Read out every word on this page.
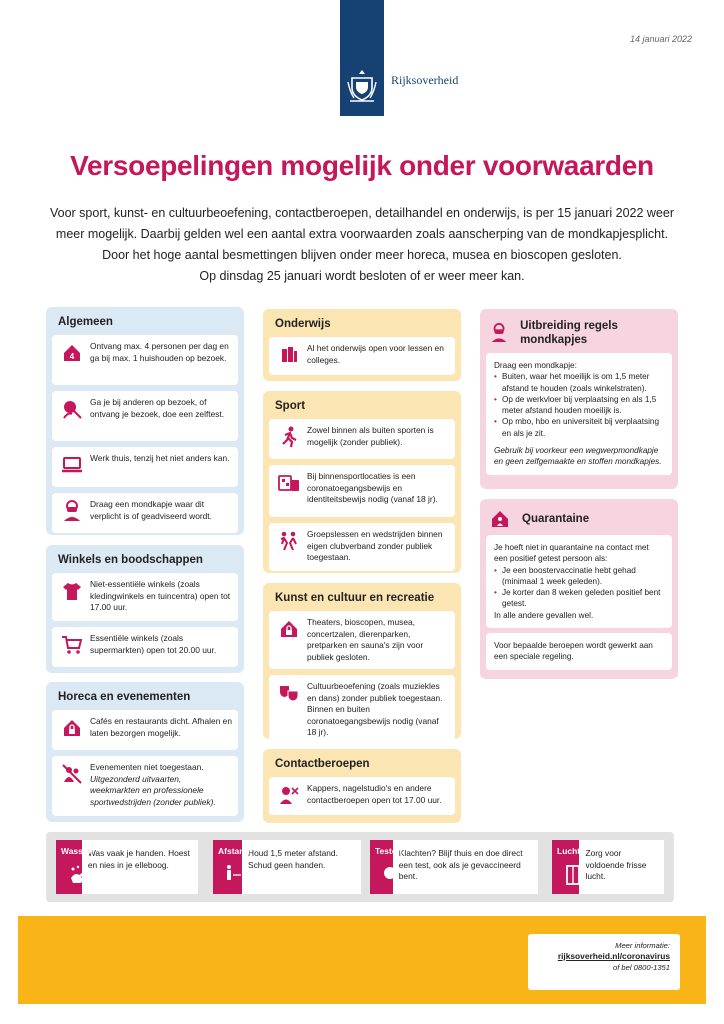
Rijksoverheid
14 januari 2022
Versoepelingen mogelijk onder voorwaarden

Voor sport, kunst- en cultuurbeoefening, contactberoepen, detailhandel en onderwijs, is per 15 januari 2022 weer

meer mogelijk. Daarbij gelden wel een aantal extra voorwaarden zoals aanscherping van de mondkapjesplicht.

Door het hoge aantal besmettingen blijven onder meer horeca, musea en bioscopen gesloten.

Op dinsdag 25 januari wordt besloten of er weer meer kan.

Algemeen
4
Ontvang max. 4 personen per dag en ga bij max. 1 huishouden op bezoek.
Ga je bij anderen op bezoek, of ontvang je bezoek, doe een zelftest.
Werk thuis, tenzij het niet anders kan.
Draag een mondkapje waar dit verplicht is of geadviseerd wordt.
Winkels en boodschappen
Niet-essentiële winkels (zoals kledingwinkels en tuincentra) open tot 17.00 uur.
Essentiële winkels (zoals supermarkten) open tot 20.00 uur.
Horeca en evenementen
Cafés en restaurants dicht. Afhalen en laten bezorgen mogelijk.
Evenementen niet toegestaan.
Uitgezonderd uitvaarten, weekmarkten en professionele sportwedstrijden (zonder publiek).
Onderwijs
Al het onderwijs open voor lessen en colleges.
Sport
Zowel binnen als buiten sporten is mogelijk (zonder publiek).
Bij binnensportlocaties is een coronatoegangsbewijs en identiteitsbewijs nodig (vanaf 18 jr).
Groepslessen en wedstrijden binnen eigen clubverband zonder publiek toegestaan.
Kunst en cultuur en recreatie
Theaters, bioscopen, musea, concertzalen, dierenparken, pretparken en sauna's zijn voor publiek gesloten.
Cultuurbeoefening (zoals muziekles en dans) zonder publiek toegestaan. Binnen en buiten coronatoegangsbewijs nodig (vanaf 18 jr).
Contactberoepen
Kappers, nagelstudio's en andere contactberoepen open tot 17.00 uur.
Uitbreiding regels mondkapjes
Draag een mondkapje:
• Buiten, waar het moeilijk is om 1,5 meter afstand te houden (zoals winkelstraten).
• Op de werkvloer bij verplaatsing en als 1,5 meter afstand houden moeilijk is.
• Op mbo, hbo en universiteit bij verplaatsing en als je zit.
Gebruik bij voorkeur een wegwerpmondkapje en geen zelfgemaakte en stoffen mondkapjes.
Quarantaine
Je hoeft niet in quarantaine na contact met een positief getest persoon als:
• Je een boostervaccinatie hebt gehad (minimaal 1 week geleden).
• Je korter dan 8 weken geleden positief bent getest.
In alle andere gevallen wel.
Voor bepaalde beroepen wordt gewerkt aan een speciale regeling.
Wassen
Was vaak je handen. Hoest en nies in je elleboog.
Afstand
Houd 1,5 meter afstand. Schud geen handen.
Testen
Klachten? Blijf thuis en doe direct een test, ook als je gevaccineerd bent.
Lucht Zorg voor voldoende frisse lucht.
Meer informatie:
rijksoverheid.nl/coronavirus
of bel 0800-1351
